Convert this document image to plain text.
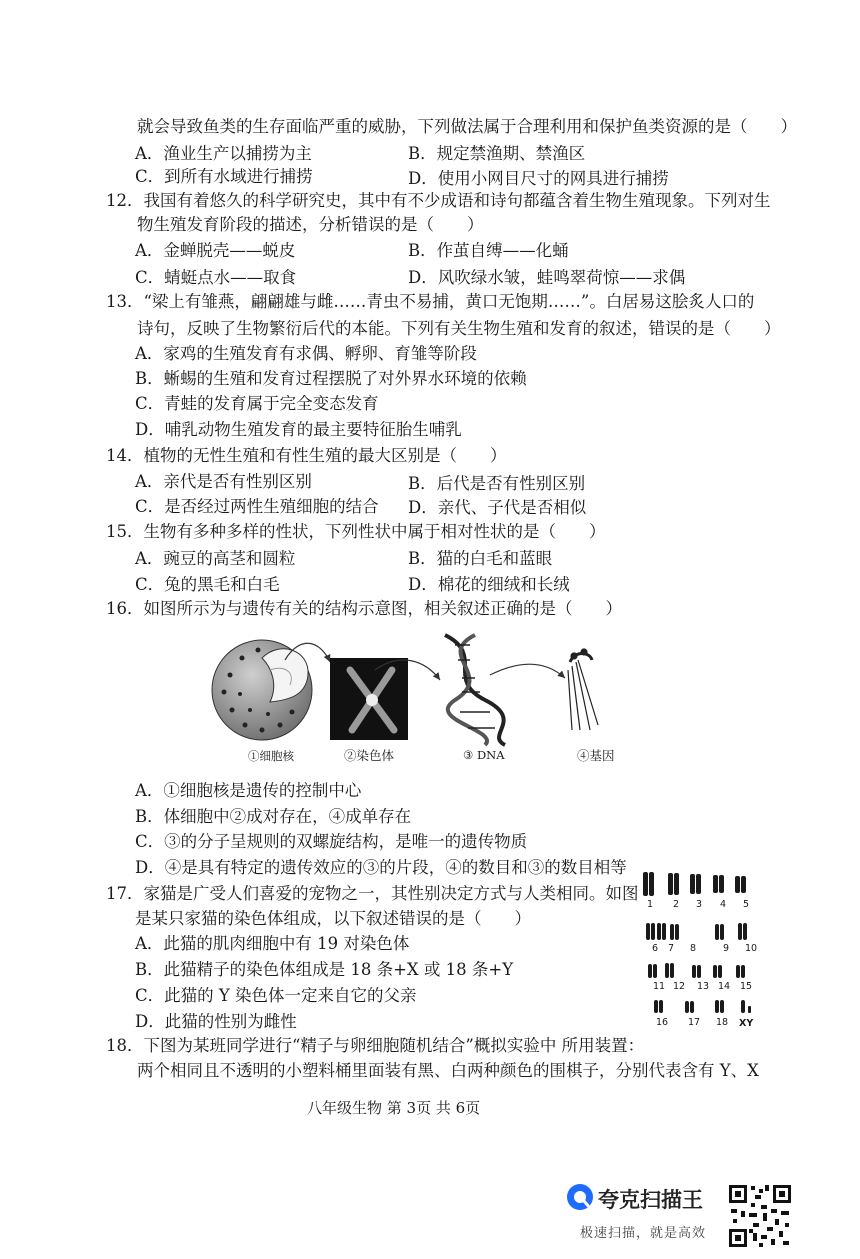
就会导致鱼类的生存面临严重的威胁，下列做法属于合理利用和保护鱼类资源的是（　　）
A．渔业生产以捕捞为主	B．规定禁渔期、禁渔区
C．到所有水域进行捕捞	D．使用小网目尺寸的网具进行捕捞
12．我国有着悠久的科学研究史，其中有不少成语和诗句都蕴含着生物生殖现象。下列对生
物生殖发育阶段的描述，分析错误的是（　　）
A．金蝉脱壳——蜕皮	B．作茧自缚——化蛹
C．蜻蜓点水——取食	D．风吹绿水皱，蛙鸣翠荷惊——求偶
13．“梁上有雏燕，翩翩雄与雌……青虫不易捕，黄口无饱期……”。白居易这脍炙人口的
诗句，反映了生物繁衍后代的本能。下列有关生物生殖和发育的叙述，错误的是（　　）
A．家鸡的生殖发育有求偶、孵卵、育雏等阶段
B．蜥蜴的生殖和发育过程摆脱了对外界水环境的依赖
C．青蛙的发育属于完全变态发育
D．哺乳动物生殖发育的最主要特征胎生哺乳
14．植物的无性生殖和有性生殖的最大区别是（　　）
A．亲代是否有性别区别	B．后代是否有性别区别
C．是否经过两性生殖细胞的结合 D．亲代、子代是否相似
15．生物有多种多样的性状，下列性状中属于相对性状的是（　　）
A．豌豆的高茎和圆粒	B．猫的白毛和蓝眼
C．兔的黑毛和白毛	D．棉花的细绒和长绒
16．如图所示为与遗传有关的结构示意图，相关叙述正确的是（　　）
①细胞核	②染色体	③ DNA	④基因
A．①细胞核是遗传的控制中心
B．体细胞中②成对存在，④成单存在
C．③的分子呈规则的双螺旋结构，是唯一的遗传物质
D．④是具有特定的遗传效应的③的片段，④的数目和③的数目相等
17．家猫是广受人们喜爱的宠物之一，其性别决定方式与人类相同。如图
是某只家猫的染色体组成，以下叙述错误的是（　　）
A．此猫的肌肉细胞中有 19 对染色体
B．此猫精子的染色体组成是 18 条+X 或 18 条+Y
C．此猫的 Y 染色体一定来自它的父亲
D．此猫的性别为雌性
1 2 3 4 5
6 7 8	9 10
11 12 13 14 15
16 17 18 XY
18．下图为某班同学进行“精子与卵细胞随机结合”概拟实验中 所用装置：
两个相同且不透明的小塑料桶里面装有黑、白两种颜色的围棋子，分别代表含有 Y、X
八年级生物 第 3页 共 6页
夸克扫描王
极速扫描，就是高效
